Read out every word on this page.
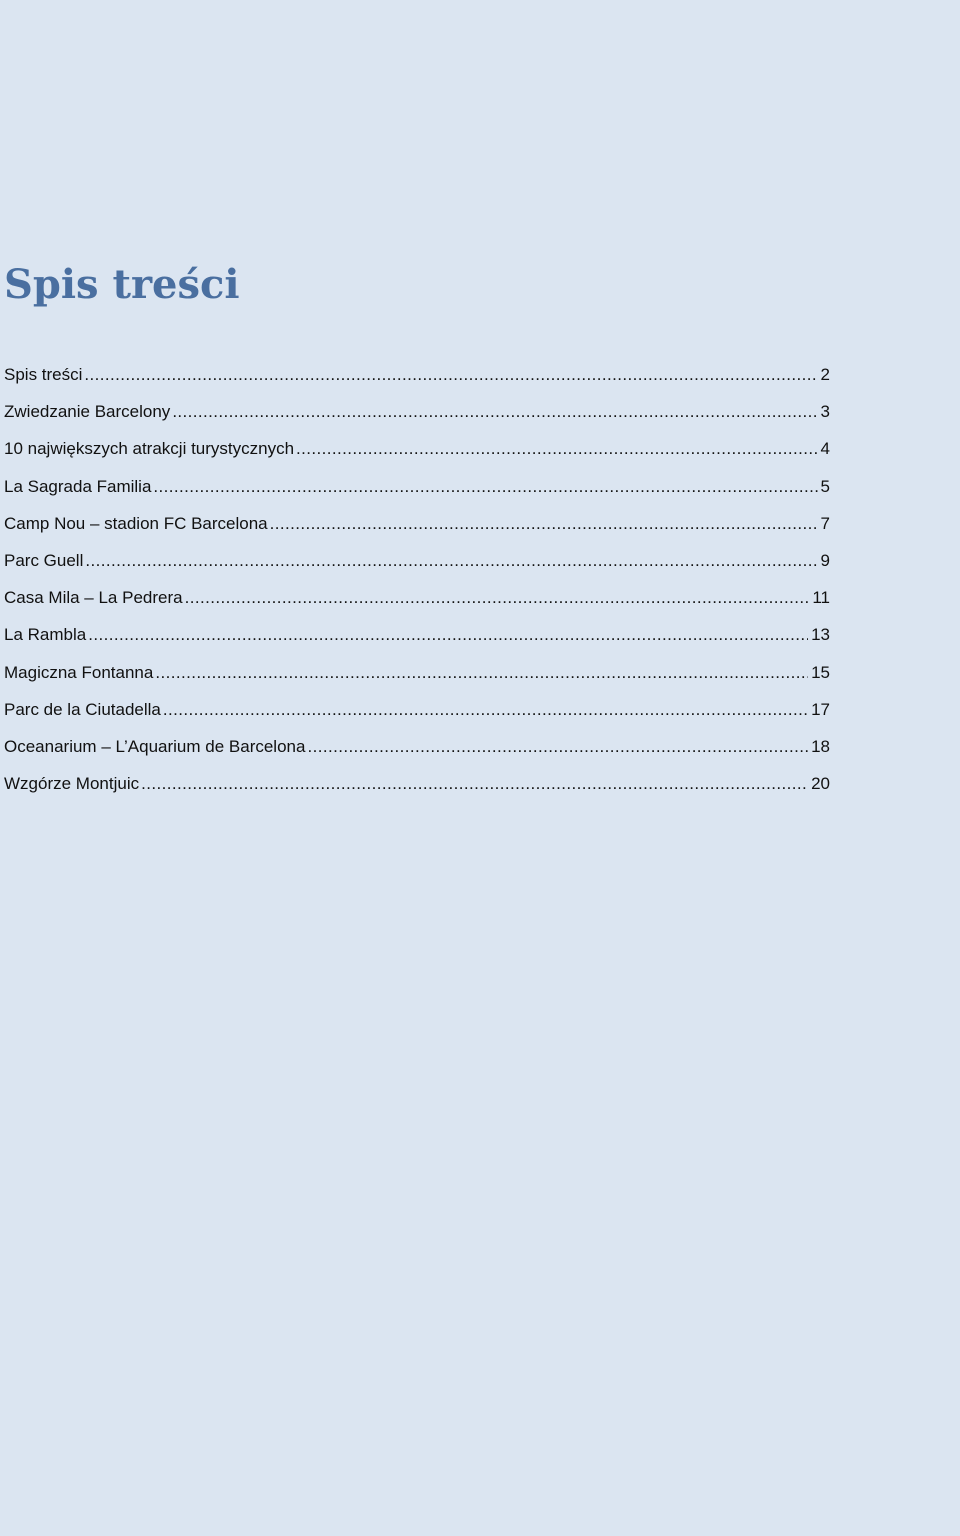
Spis treści
Spis treści .....	2
Zwiedzanie Barcelony .....	3
10 największych atrakcji turystycznych .....	4
La Sagrada Familia .....	5
Camp Nou – stadion FC Barcelona .....	7
Parc Guell .....	9
Casa Mila – La Pedrera .....	11
La Rambla .....	13
Magiczna Fontanna .....	15
Parc de la Ciutadella .....	17
Oceanarium – L’Aquarium de Barcelona .....	18
Wzgórze Montjuic .....	20
